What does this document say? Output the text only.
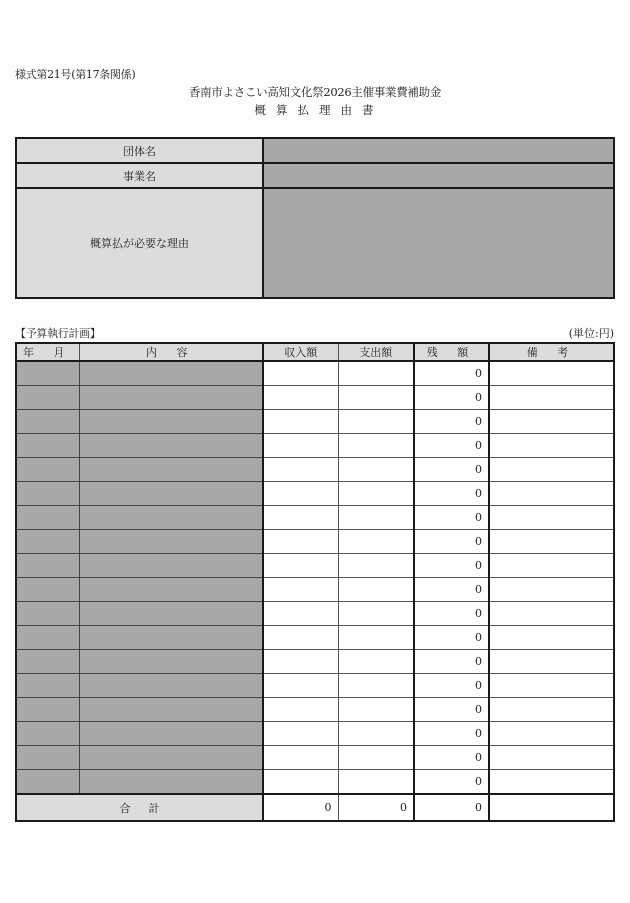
様式第21号(第17条関係)
香南市よさこい高知文化祭2026主催事業費補助金
概算払理由書
団体名	
事業名	
概算払が必要な理由	
【予算執行計画】	(単位:円)
年 月	内 容	収入額	支出額	残 額	備 考
				0	
				0	
				0	
				0	
				0	
				0	
				0	
				0	
				0	
				0	
				0	
				0	
				0	
				0	
				0	
				0	
				0	
				0	
合計		0	0	0	
